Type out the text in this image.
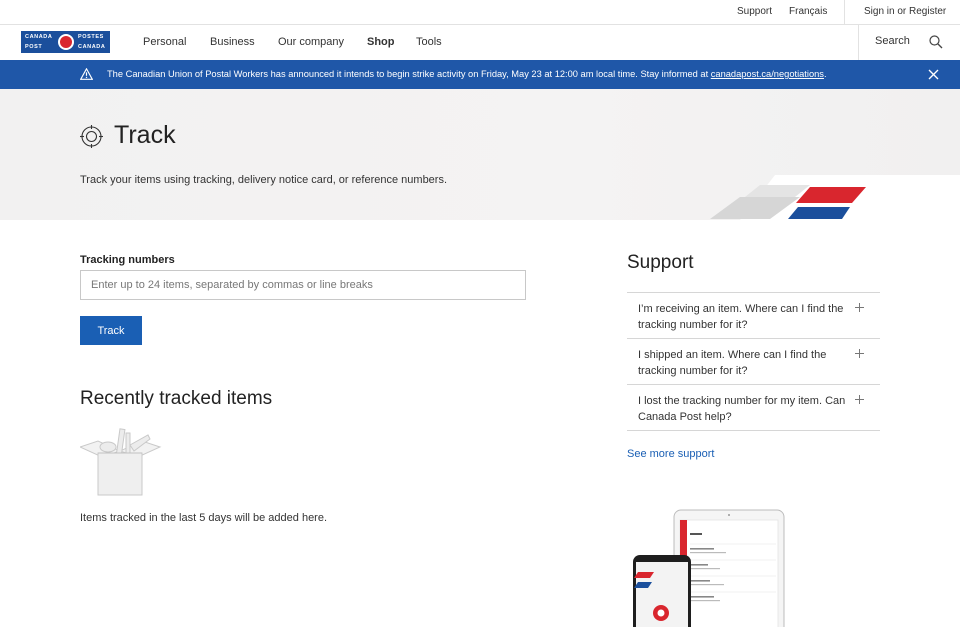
Support Français	Sign in or Register
CANADA	POSTES
POST	CANADA	Personal Business Our company Shop Tools	Search
The Canadian Union of Postal Workers has announced it intends to begin strike activity on Friday, May 23 at 12:00 am local time. Stay informed at canadapost.ca/negotiations.
Track

Track your items using tracking, delivery notice card, or reference numbers.

Tracking numbers
Enter up to 24 items, separated by commas or line breaks
Track
Recently tracked items

Items tracked in the last 5 days will be added here.

Support
I’m receiving an item. Where can I find the tracking number for it?
I shipped an item. Where can I find the tracking number for it?
I lost the tracking number for my item. Can Canada Post help?
See more support
